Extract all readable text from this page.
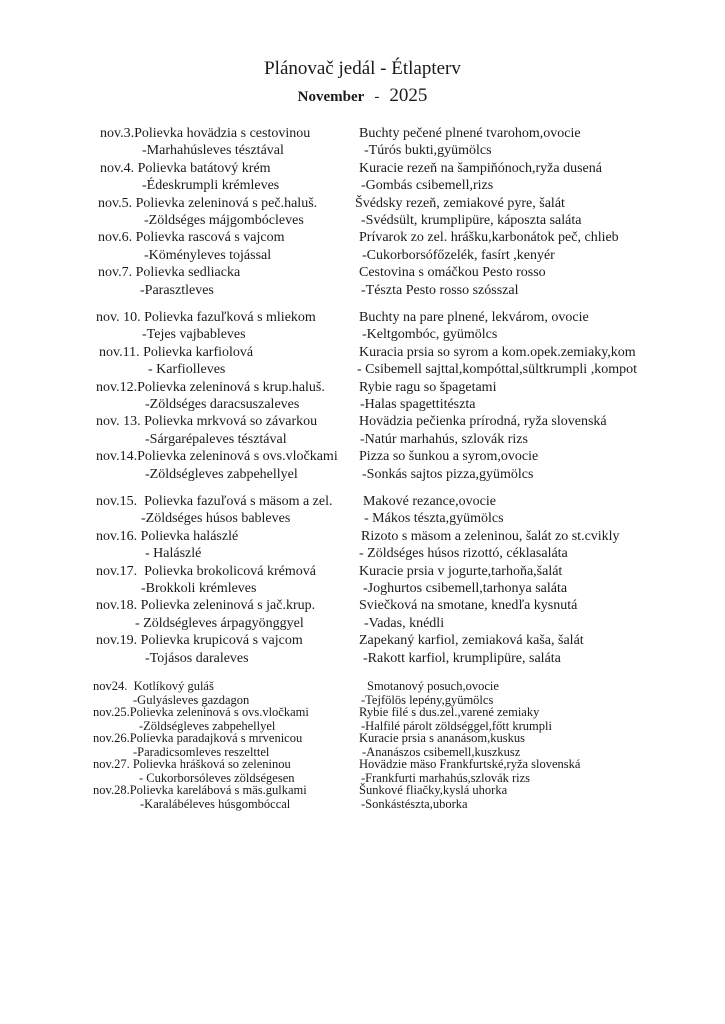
Plánovač jedál - Étlapterv
November - 2025
nov.3.Polievka hovädzia s cestovinou
-Marhahúsleves tésztával
Buchty pečené plnené tvarohom,ovocie
-Túrós bukti,gyümölcs
nov.4. Polievka batátový krém
-Édeskrumpli krémleves
Kuracie rezeň na šampiňónoch,ryža dusená
-Gombás csibemell,rizs
nov.5. Polievka zeleninová s peč.haluš.
-Zöldséges májgombócleves
Švédsky rezeň, zemiakové pyre, šalát
-Svédsült, krumplipüre, káposzta saláta
nov.6. Polievka rascová s vajcom
-Köményleves tojással
Prívarok zo zel. hrášku,karbonátok peč, chlieb
-Cukorborsófőzelék, fasírt ,kenyér
nov.7. Polievka sedliacka
-Parasztleves
Cestovina s omáčkou Pesto rosso
-Tészta Pesto rosso szósszal
nov. 10. Polievka fazuľková s mliekom
-Tejes vajbableves
Buchty na pare plnené, lekvárom, ovocie
-Keltgombóc, gyümölcs
nov.11. Polievka karfiolová
- Karfiolleves
Kuracia prsia so syrom a kom.opek.zemiaky,kom
- Csibemell sajttal,kompóttal,sültkrumpli ,kompot
nov.12.Polievka zeleninová s krup.haluš.
-Zöldséges daracsuszaleves
Rybie ragu so špagetami
-Halas spagettitészta
nov. 13. Polievka mrkvová so závarkou
-Sárgarépaleves tésztával
Hovädzia pečienka prírodná, ryža slovenská
-Natúr marhahús, szlovák rizs
nov.14.Polievka zeleninová s ovs.vločkami
-Zöldségleves zabpehellyel
Pizza so šunkou a syrom,ovocie
-Sonkás sajtos pizza,gyümölcs
nov.15.  Polievka fazuľová s mäsom a zel.
-Zöldséges húsos bableves
Makové rezance,ovocie
- Mákos tészta,gyümölcs
nov.16. Polievka halászlé
- Halászlé
Rizoto s mäsom a zeleninou, šalát zo st.cvikly
- Zöldséges húsos rizottó, céklasaláta
nov.17.  Polievka brokolicová krémová
-Brokkoli krémleves
Kuracie prsia v jogurte,tarhoňa,šalát
-Joghurtos csibemell,tarhonya saláta
nov.18. Polievka zeleninová s jač.krup.
- Zöldségleves árpagyönggyel
Sviečková na smotane, knedľa kysnutá
-Vadas, knédli
nov.19. Polievka krupicová s vajcom
-Tojásos daraleves
Zapekaný karfiol, zemiaková kaša, šalát
-Rakott karfiol, krumplipüre, saláta
nov24.  Kotlíkový guláš
-Gulyásleves gazdagon
Smotanový posuch,ovocie
-Tejfölös lepény,gyümölcs
nov.25.Polievka zeleninová s ovs.vločkami
-Zöldségleves zabpehellyel
Rybie filé s dus.zel.,varené zemiaky
-Halfilé párolt zöldséggel,főtt krumpli
nov.26.Polievka paradajková s mrvenicou
-Paradicsomleves reszelttel
Kuracie prsia s ananásom,kuskus
-Ananászos csibemell,kuszkusz
nov.27. Polievka hrášková so zeleninou
- Cukorborsóleves zöldségesen
Hovädzie mäso Frankfurtské,ryža slovenská
-Frankfurti marhahús,szlovák rizs
nov.28.Polievka karelábová s mäs.gulkami
-Karalábéleves húsgombóccal
Šunkové fliačky,kyslá uhorka
-Sonkástészta,uborka
